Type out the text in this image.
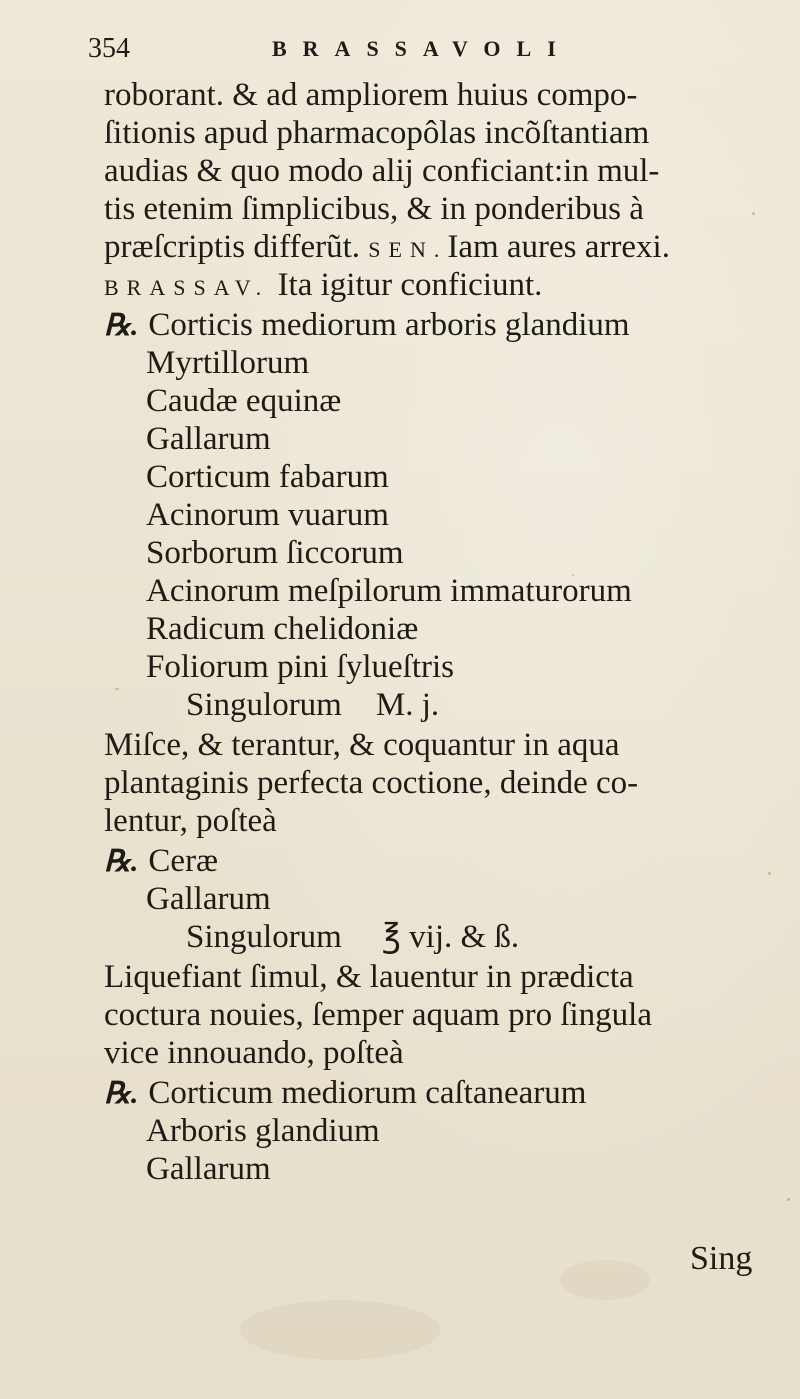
354	BRASSAVOLI
roborant. & ad ampliorem huius compo-
ſitionis apud pharmacopôlas incõſtantiam
audias & quo modo alij conficiant:in mul-
tis etenim ſimplicibus, & in ponderibus à
præſcriptis differũt. SEN.Iam aures arrexi.
BRASSAV. Ita igitur conficiunt.
℞. Corticis mediorum arboris glandium
Myrtillorum
Caudæ equinæ
Gallarum
Corticum fabarum
Acinorum vuarum
Sorborum ſiccorum
Acinorum meſpilorum immaturorum
Radicum chelidoniæ
Foliorum pini ſylueſtris
Singulorum M. j.
Miſce, & terantur, & coquantur in aqua
plantaginis perfecta coctione, deinde co-
lentur, poſteà
℞. Ceræ
Gallarum
Singulorum ℥ vij. & ß.
Liquefiant ſimul, & lauentur in prædicta
coctura nouies, ſemper aquam pro ſingula
vice innouando, poſteà
℞. Corticum mediorum caſtanearum
Arboris glandium
Gallarum
Sing
